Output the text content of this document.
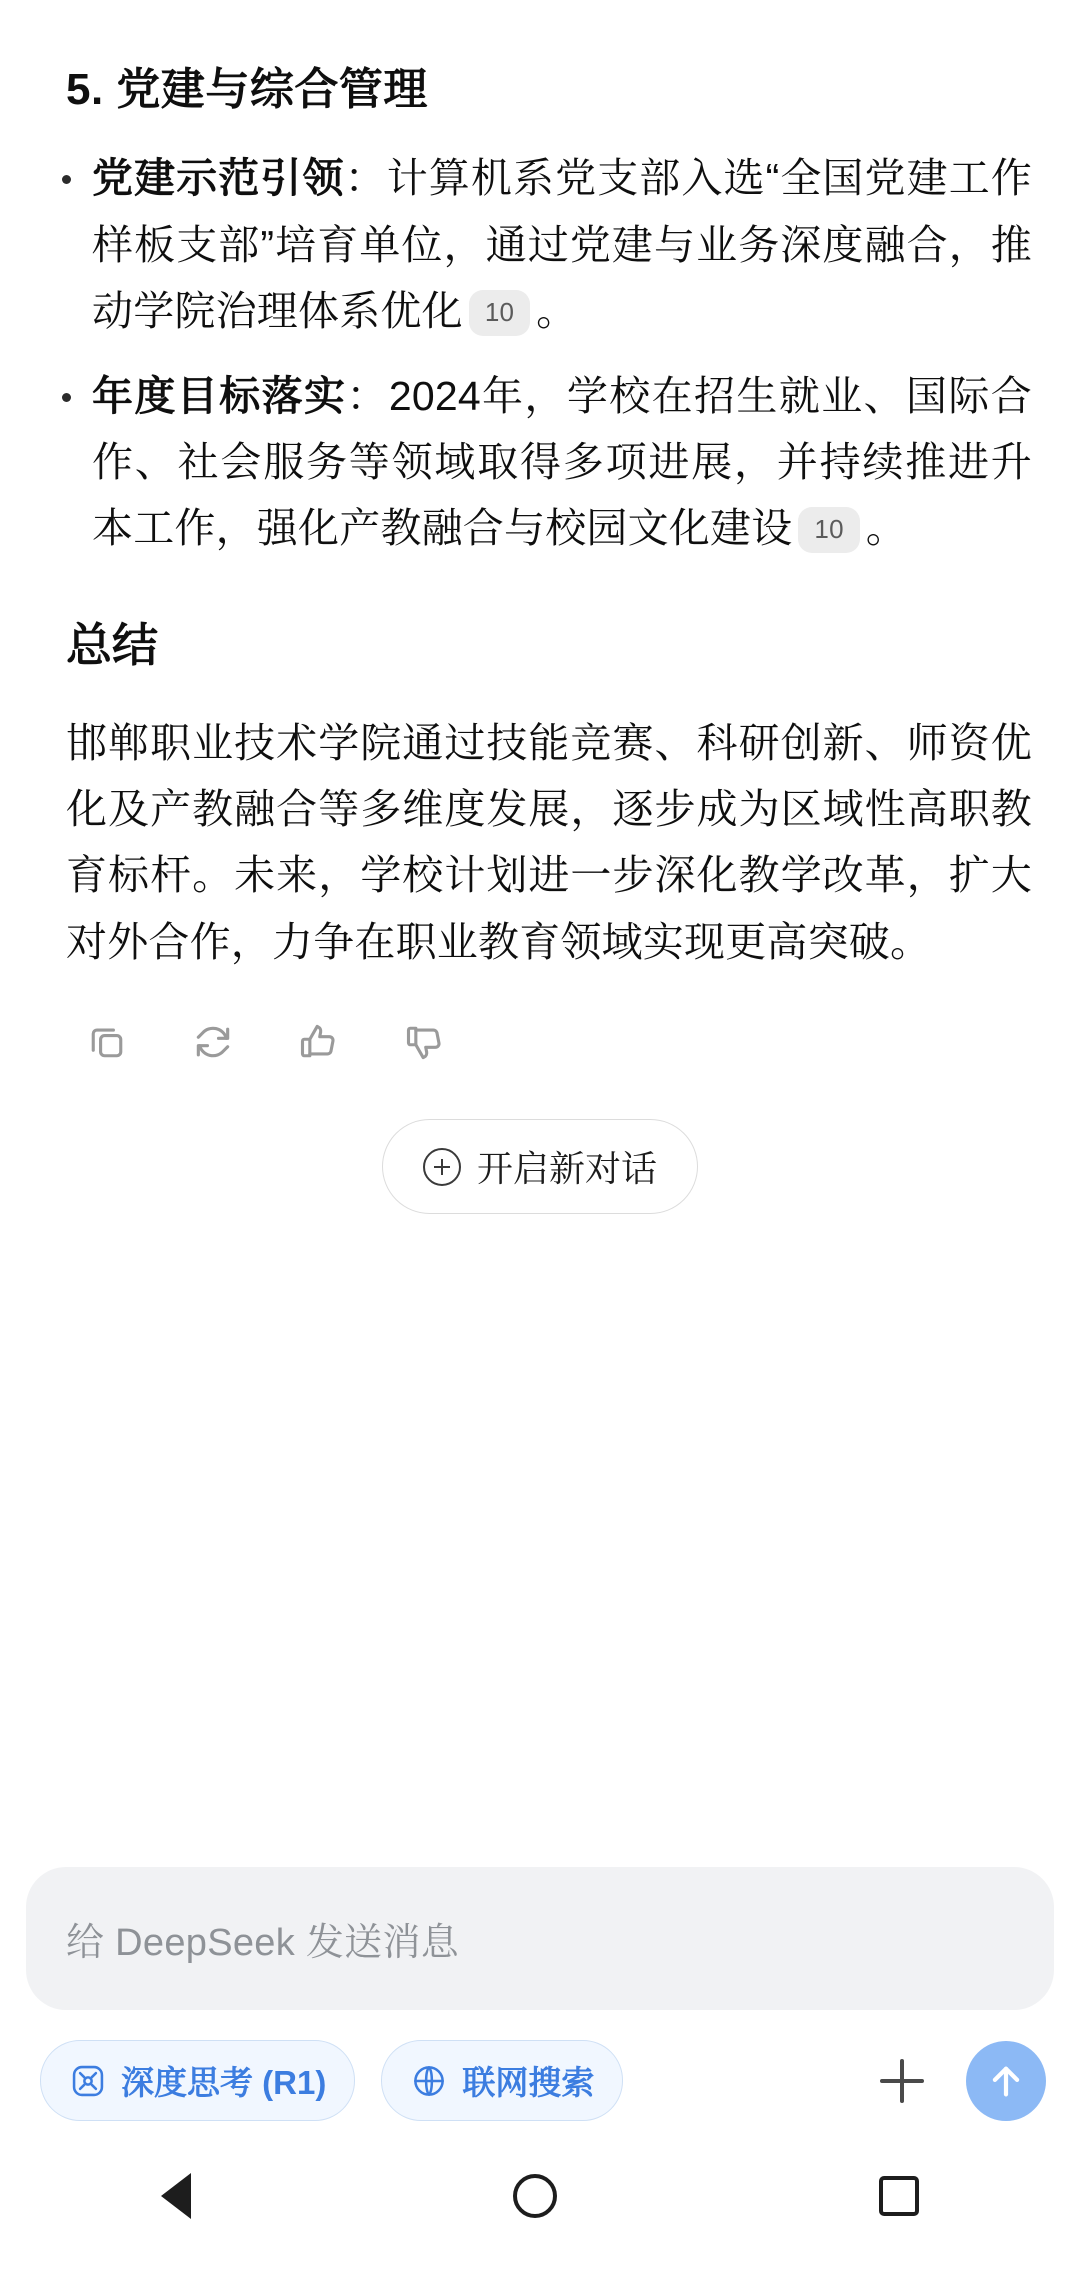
5. 党建与综合管理
党建示范引领：计算机系党支部入选“全国党建工作样板支部”培育单位，通过党建与业务深度融合，推动学院治理体系优化 10 。
年度目标落实：2024年，学校在招生就业、国际合作、社会服务等领域取得多项进展，并持续推进升本工作，强化产教融合与校园文化建设 10 。
总结
邯郸职业技术学院通过技能竞赛、科研创新、师资优化及产教融合等多维度发展，逐步成为区域性高职教育标杆。未来，学校计划进一步深化教学改革，扩大对外合作，力争在职业教育领域实现更高突破。
开启新对话
给 DeepSeek 发送消息
深度思考 (R1)	联网搜索
